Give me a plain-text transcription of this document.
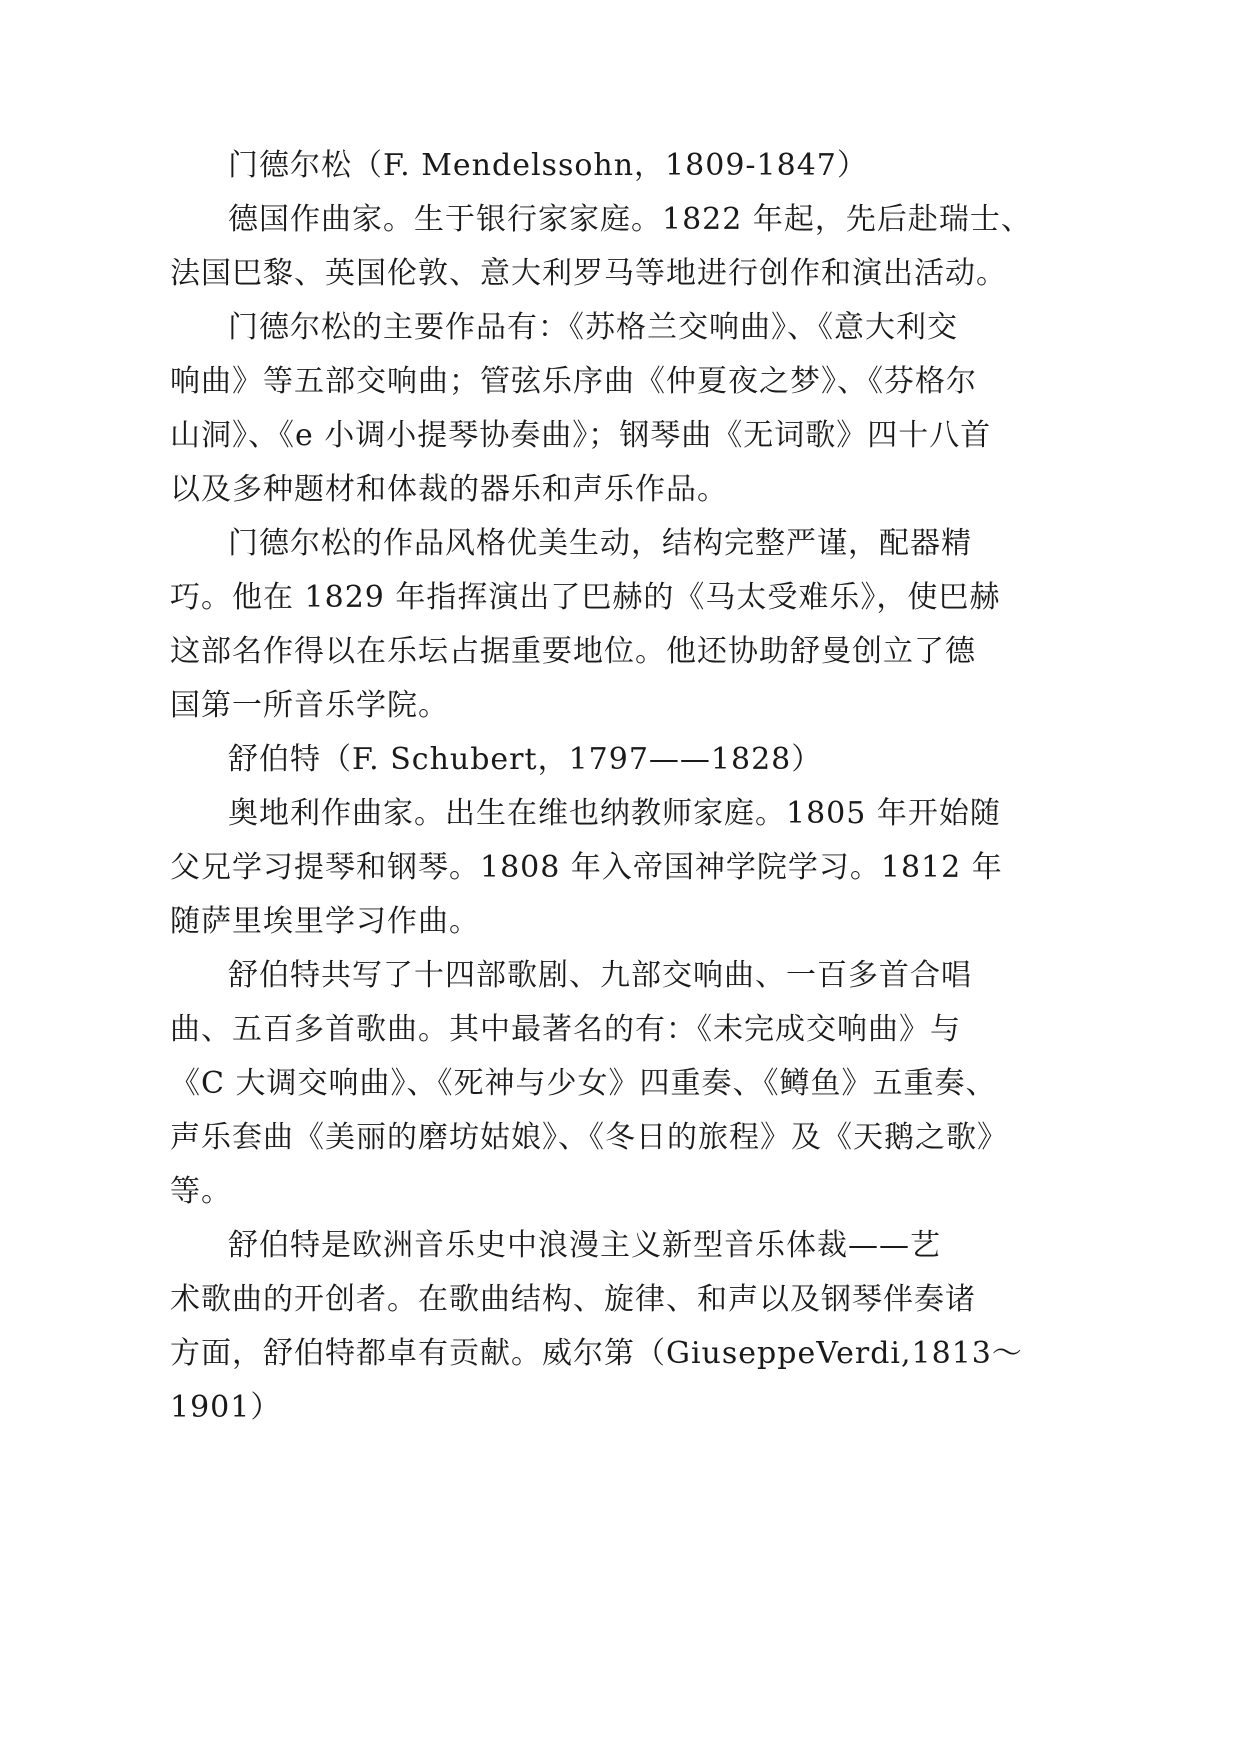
门德尔松（F. Mendelssohn，1809-1847）

德国作曲家。生于银行家家庭。1822 年起，先后赴瑞士、

法国巴黎、英国伦敦、意大利罗马等地进行创作和演出活动。

门德尔松的主要作品有：《苏格兰交响曲》、《意大利交

响曲》等五部交响曲；管弦乐序曲《仲夏夜之梦》、《芬格尔

山洞》、《e 小调小提琴协奏曲》；钢琴曲《无词歌》四十八首

以及多种题材和体裁的器乐和声乐作品。

门德尔松的作品风格优美生动，结构完整严谨，配器精

巧。他在 1829 年指挥演出了巴赫的《马太受难乐》，使巴赫

这部名作得以在乐坛占据重要地位。他还协助舒曼创立了德

国第一所音乐学院。

舒伯特（F. Schubert，1797——1828）

奥地利作曲家。出生在维也纳教师家庭。1805 年开始随

父兄学习提琴和钢琴。1808 年入帝国神学院学习。1812 年

随萨里埃里学习作曲。

舒伯特共写了十四部歌剧、九部交响曲、一百多首合唱

曲、五百多首歌曲。其中最著名的有：《未完成交响曲》与

《C 大调交响曲》、《死神与少女》四重奏、《鳟鱼》五重奏、

声乐套曲《美丽的磨坊姑娘》、《冬日的旅程》及《天鹅之歌》

等。

舒伯特是欧洲音乐史中浪漫主义新型音乐体裁——艺

术歌曲的开创者。在歌曲结构、旋律、和声以及钢琴伴奏诸

方面，舒伯特都卓有贡献。威尔第（GiuseppeVerdi,1813～

1901）
